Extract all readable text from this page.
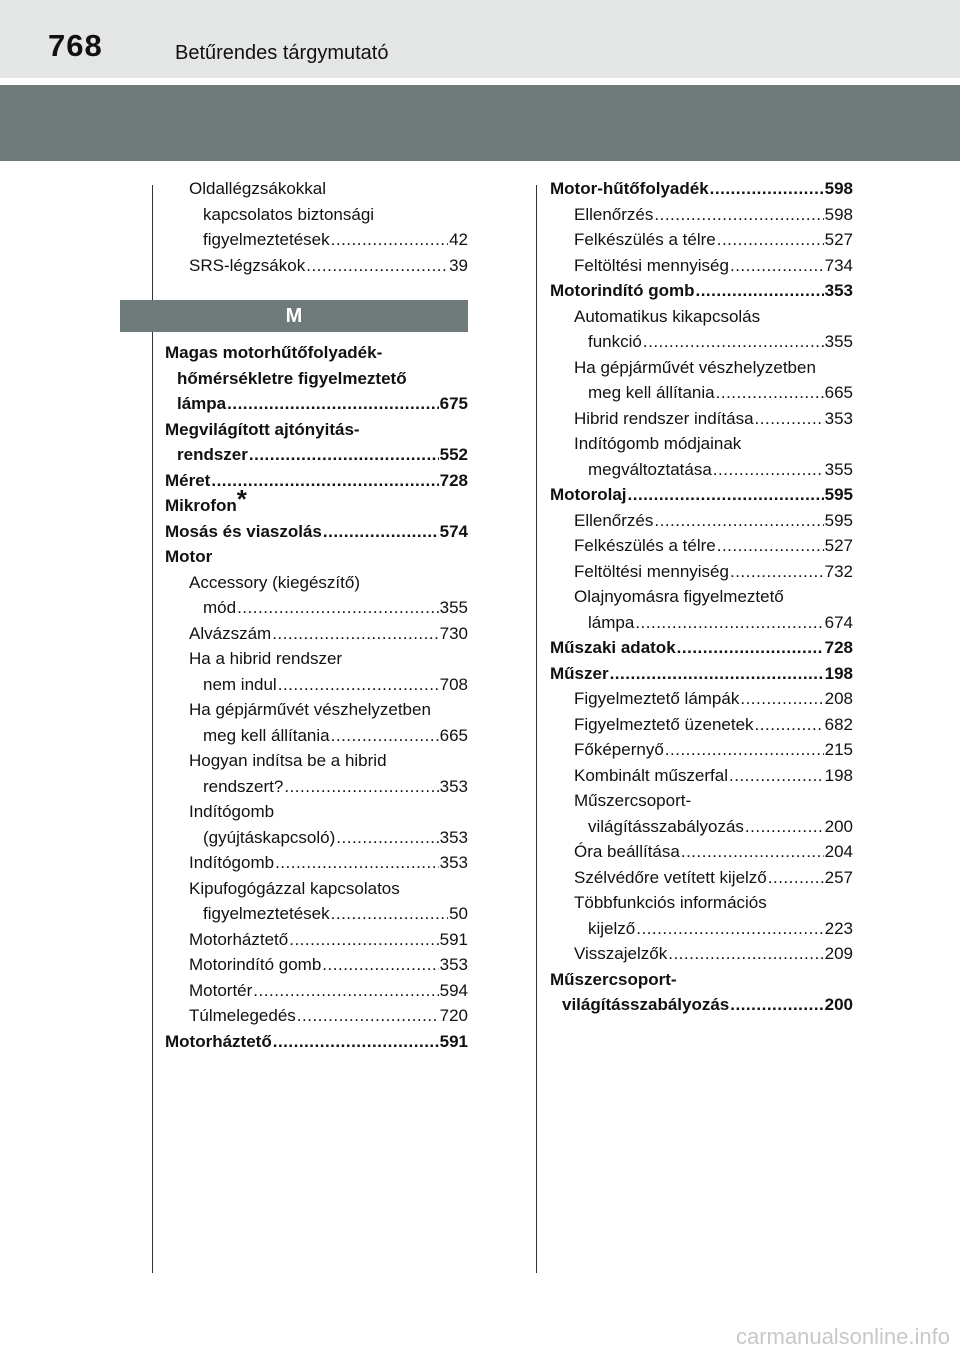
768	Betűrendes tárgymutató
Oldallégzsákokkal
kapcsolatos biztonsági
figyelmeztetések .....	42
SRS-légzsákok .....	39
M
Magas motorhűtőfolyadék-
hőmérsékletre figyelmeztető
lámpa .....	675
Megvilágított ajtónyitás-
rendszer .....	552
Méret .....	728
Mikrofon*
Mosás és viaszolás .....	574
Motor
Accessory (kiegészítő)
mód .....	355
Alvázszám .....	730
Ha a hibrid rendszer
nem indul .....	708
Ha gépjárművét vészhelyzetben
meg kell állítania .....	665
Hogyan indítsa be a hibrid
rendszert? .....	353
Indítógomb
(gyújtáskapcsoló) .....	353
Indítógomb .....	353
Kipufogógázzal kapcsolatos
figyelmeztetések .....	50
Motorháztető .....	591
Motorindító gomb .....	353
Motortér .....	594
Túlmelegedés .....	720
Motorháztető .....	591
Motor-hűtőfolyadék .....	598
Ellenőrzés .....	598
Felkészülés a télre .....	527
Feltöltési mennyiség .....	734
Motorindító gomb .....	353
Automatikus kikapcsolás
funkció .....	355
Ha gépjárművét vészhelyzetben
meg kell állítania .....	665
Hibrid rendszer indítása .....	353
Indítógomb módjainak
megváltoztatása .....	355
Motorolaj .....	595
Ellenőrzés .....	595
Felkészülés a télre .....	527
Feltöltési mennyiség .....	732
Olajnyomásra figyelmeztető
lámpa .....	674
Műszaki adatok .....	728
Műszer .....	198
Figyelmeztető lámpák .....	208
Figyelmeztető üzenetek .....	682
Főképernyő .....	215
Kombinált műszerfal .....	198
Műszercsoport-
világításszabályozás .....	200
Óra beállítása .....	204
Szélvédőre vetített kijelző .....	257
Többfunkciós információs
kijelző .....	223
Visszajelzők .....	209
Műszercsoport-
világításszabályozás .....	200
carmanualsonline.info
